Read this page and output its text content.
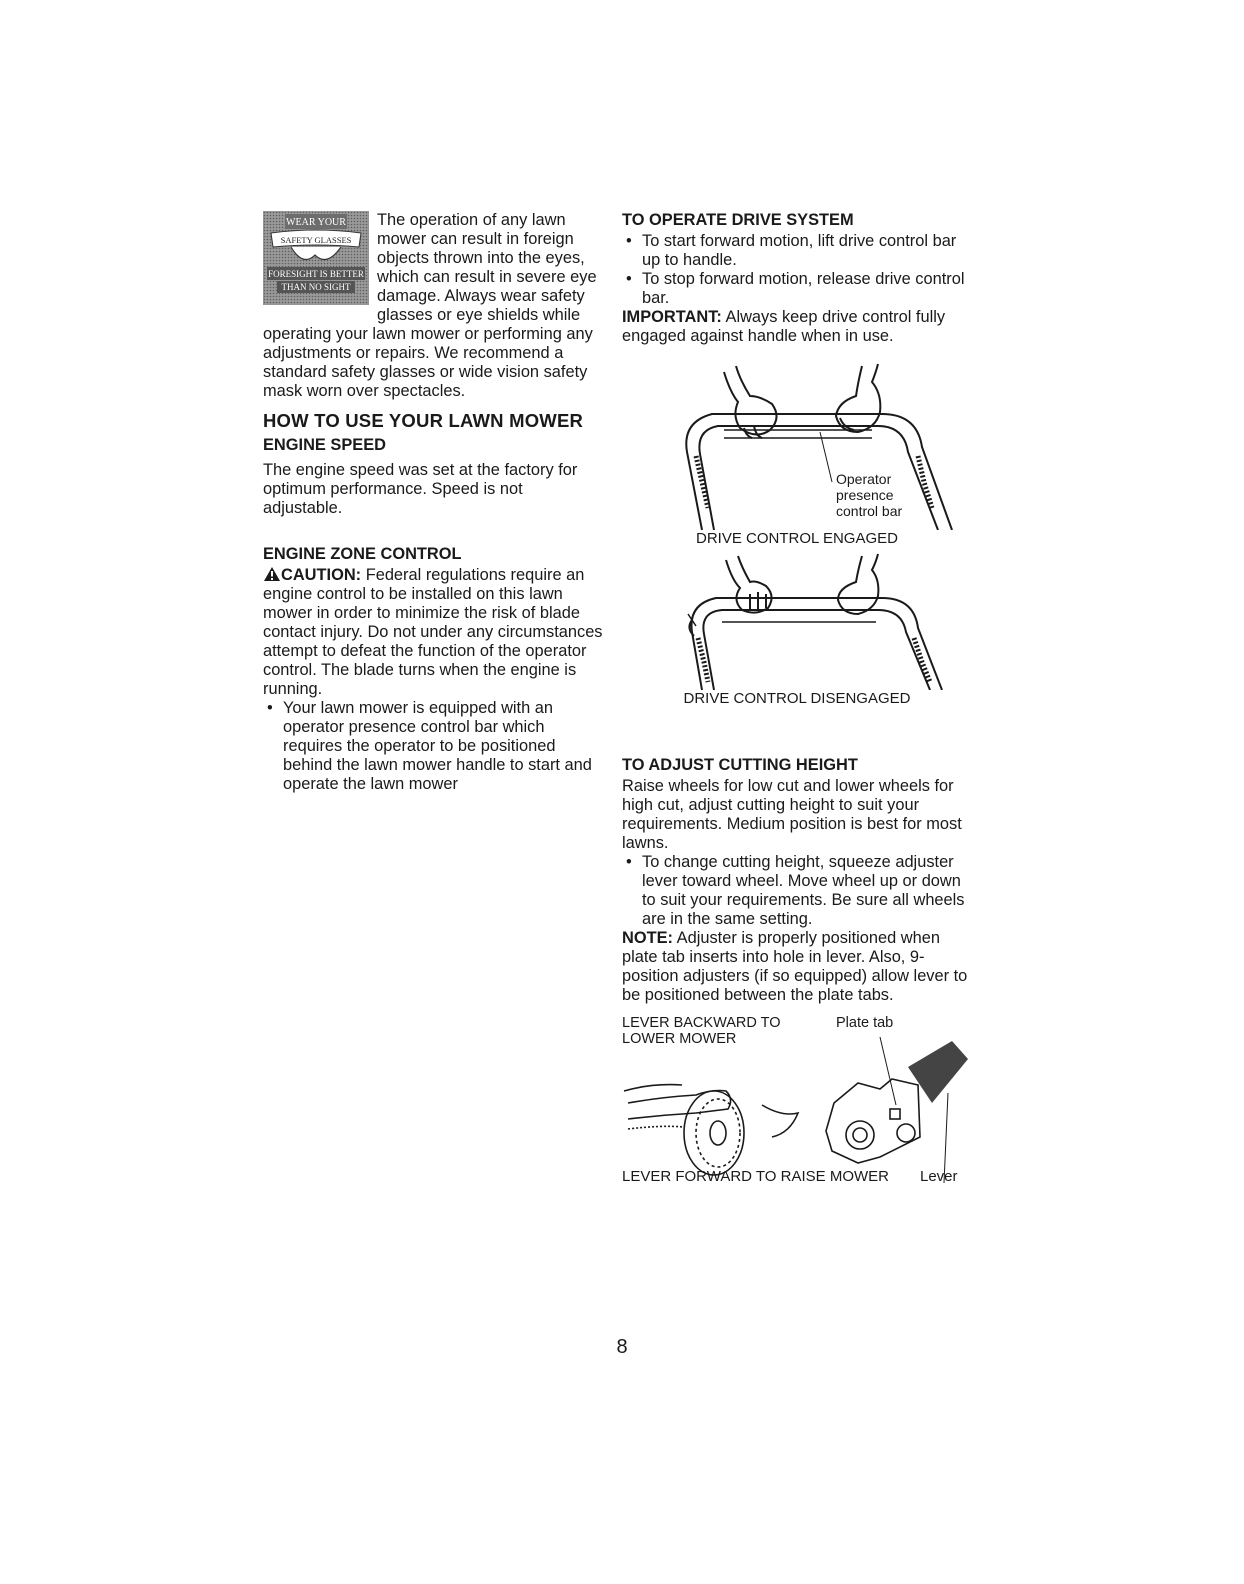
WEAR YOUR
SAFETY GLASSES
FORESIGHT IS BETTER
THAN NO SIGHT

The operation of any lawn mower can result in foreign objects thrown into the eyes, which can result in severe eye damage. Always wear safety glasses or eye shields while operating your lawn mower or performing any adjustments or repairs. We recommend a standard safety glasses or wide vision safety mask worn over spectacles.

HOW TO USE YOUR LAWN MOWER
ENGINE SPEED

The engine speed was set at the factory for optimum performance. Speed is not adjustable.

ENGINE ZONE CONTROL

CAUTION: Federal regulations require an engine control to be installed on this lawn mower in order to minimize the risk of blade contact injury. Do not under any circumstances attempt to defeat the function of the operator control. The blade turns when the engine is running.

• Your lawn mower is equipped with an operator presence control bar which requires the operator to be positioned behind the lawn mower handle to start and operate the lawn mower
TO OPERATE DRIVE SYSTEM
• To start forward motion, lift drive control bar up to handle.
• To stop forward motion, release drive control bar.

IMPORTANT: Always keep drive control fully engaged against handle when in use.

Operator
presence
control bar
DRIVE CONTROL ENGAGED
DRIVE CONTROL DISENGAGED
TO ADJUST CUTTING HEIGHT

Raise wheels for low cut and lower wheels for high cut, adjust cutting height to suit your requirements. Medium position is best for most lawns.

• To change cutting height, squeeze adjuster lever toward wheel. Move wheel up or down to suit your requirements. Be sure all wheels are in the same setting.

NOTE: Adjuster is properly positioned when plate tab inserts into hole in lever. Also, 9-position adjusters (if so equipped) allow lever to be positioned between the plate tabs.

LEVER BACKWARD TO LOWER MOWER
Plate tab
LEVER FORWARD TO RAISE MOWER Lever
8
